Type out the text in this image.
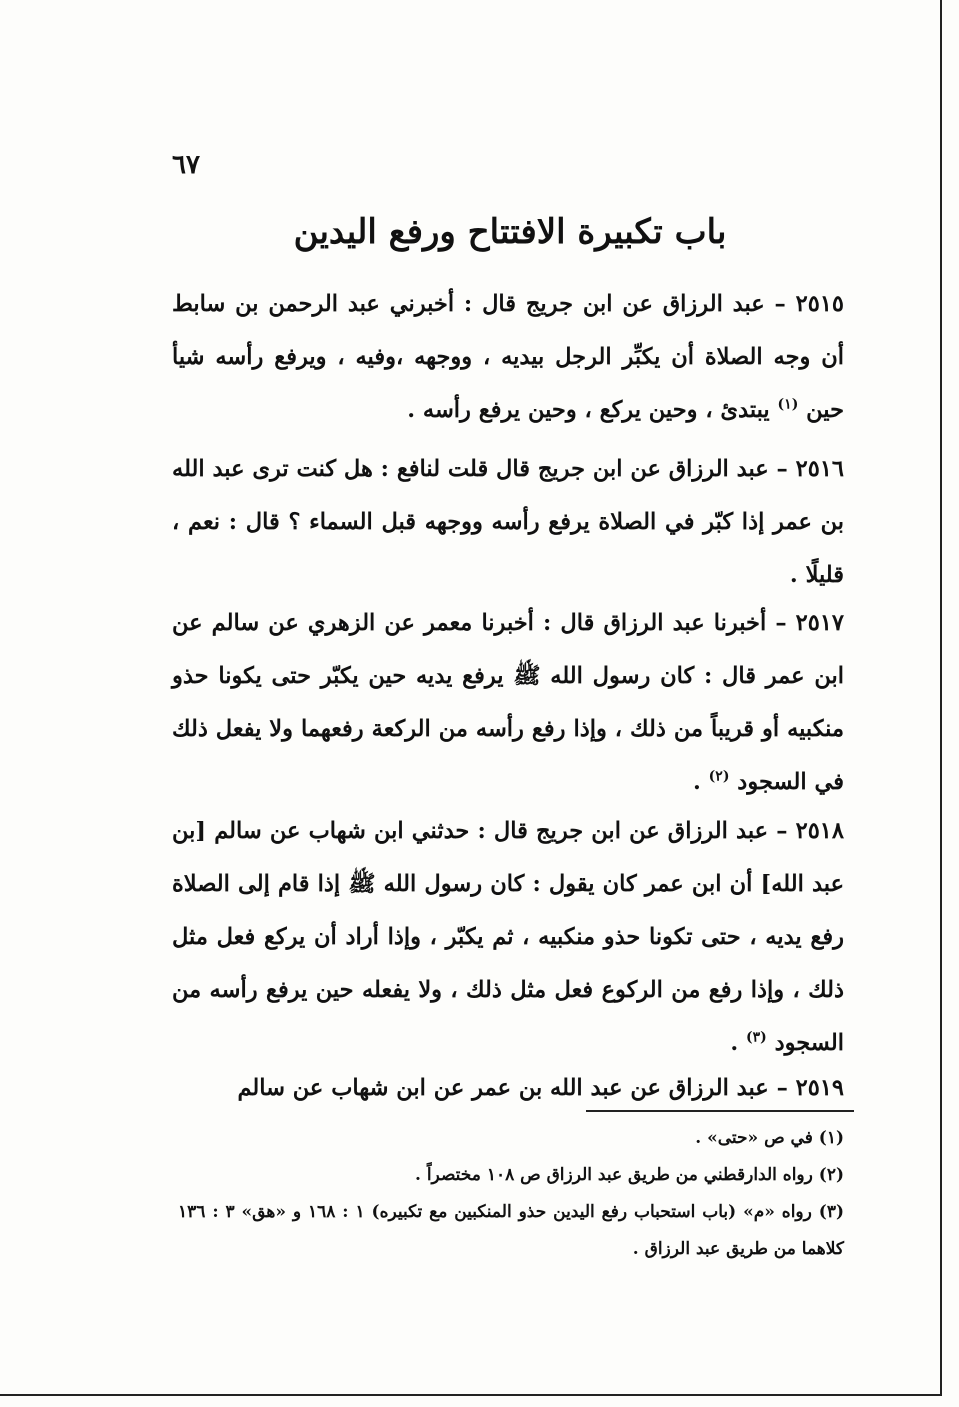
٦٧
باب تكبيرة الافتتاح ورفع اليدين

٢٥١٥ – عبد الرزاق عن ابن جريج قال : أخبرني عبد الرحمن بن سابط أن وجه الصلاة أن يكبِّر الرجل بيديه ، ووجهه ،وفيه ، ويرفع رأسه شيأ حين $^{(١)}$ يبتدئ ، وحين يركع ، وحين يرفع رأسه .

٢٥١٦ – عبد الرزاق عن ابن جريج قال قلت لنافع : هل كنت ترى عبد الله بن عمر إذا كبّر في الصلاة يرفع رأسه ووجهه قبل السماء ؟ قال : نعم ، قليلًا .

٢٥١٧ – أخبرنا عبد الرزاق قال : أخبرنا معمر عن الزهري عن سالم عن ابن عمر قال : كان رسول الله ﷺ يرفع يديه حين يكبّر حتى يكونا حذو منكبيه أو قريباً من ذلك ، وإذا رفع رأسه من الركعة رفعهما ولا يفعل ذلك في السجود $^{(٢)}$ .

٢٥١٨ – عبد الرزاق عن ابن جريج قال : حدثني ابن شهاب عن سالم [بن عبد الله] أن ابن عمر كان يقول : كان رسول الله ﷺ إذا قام إلى الصلاة رفع يديه ، حتى تكونا حذو منكبيه ، ثم يكبّر ، وإذا أراد أن يركع فعل مثل ذلك ، وإذا رفع من الركوع فعل مثل ذلك ، ولا يفعله حين يرفع رأسه من السجود $^{(٣)}$ .

٢٥١٩ – عبد الرزاق عن عبد الله بن عمر عن ابن شهاب عن سالم

(١) في ص «حتى» .

(٢) رواه الدارقطني من طريق عبد الرزاق ص ١٠٨ مختصراً .

(٣) رواه «م» (باب استحباب رفع اليدين حذو المنكبين مع تكبيره) ١ : ١٦٨ و «هق» ٣ : ١٣٦ كلاهما من طريق عبد الرزاق .
